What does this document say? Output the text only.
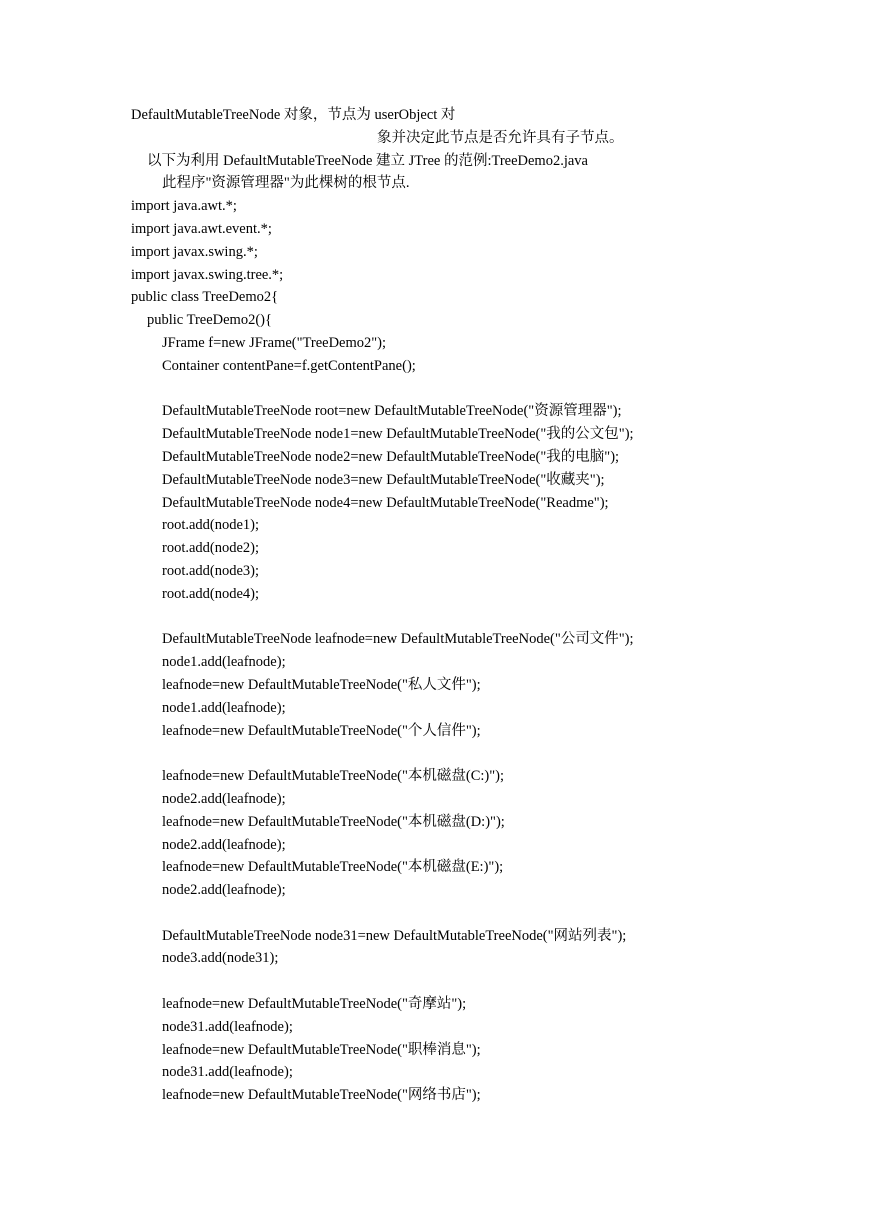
DefaultMutableTreeNode 对象，节点为 userObject 对
象并决定此节点是否允许具有子节点。
以下为利用 DefaultMutableTreeNode 建立 JTree 的范例:TreeDemo2.java
此程序"资源管理器"为此棵树的根节点.
import java.awt.*;
import java.awt.event.*;
import javax.swing.*;
import javax.swing.tree.*;
public class TreeDemo2{
public TreeDemo2(){
JFrame f=new JFrame("TreeDemo2");
Container contentPane=f.getContentPane();
DefaultMutableTreeNode root=new DefaultMutableTreeNode("资源管理器");
DefaultMutableTreeNode node1=new DefaultMutableTreeNode("我的公文包");
DefaultMutableTreeNode node2=new DefaultMutableTreeNode("我的电脑");
DefaultMutableTreeNode node3=new DefaultMutableTreeNode("收藏夹");
DefaultMutableTreeNode node4=new DefaultMutableTreeNode("Readme");
root.add(node1);
root.add(node2);
root.add(node3);
root.add(node4);
DefaultMutableTreeNode leafnode=new DefaultMutableTreeNode("公司文件");
node1.add(leafnode);
leafnode=new DefaultMutableTreeNode("私人文件");
node1.add(leafnode);
leafnode=new DefaultMutableTreeNode("个人信件");
leafnode=new DefaultMutableTreeNode("本机磁盘(C:)");
node2.add(leafnode);
leafnode=new DefaultMutableTreeNode("本机磁盘(D:)");
node2.add(leafnode);
leafnode=new DefaultMutableTreeNode("本机磁盘(E:)");
node2.add(leafnode);
DefaultMutableTreeNode node31=new DefaultMutableTreeNode("网站列表");
node3.add(node31);
leafnode=new DefaultMutableTreeNode("奇摩站");
node31.add(leafnode);
leafnode=new DefaultMutableTreeNode("职棒消息");
node31.add(leafnode);
leafnode=new DefaultMutableTreeNode("网络书店");
